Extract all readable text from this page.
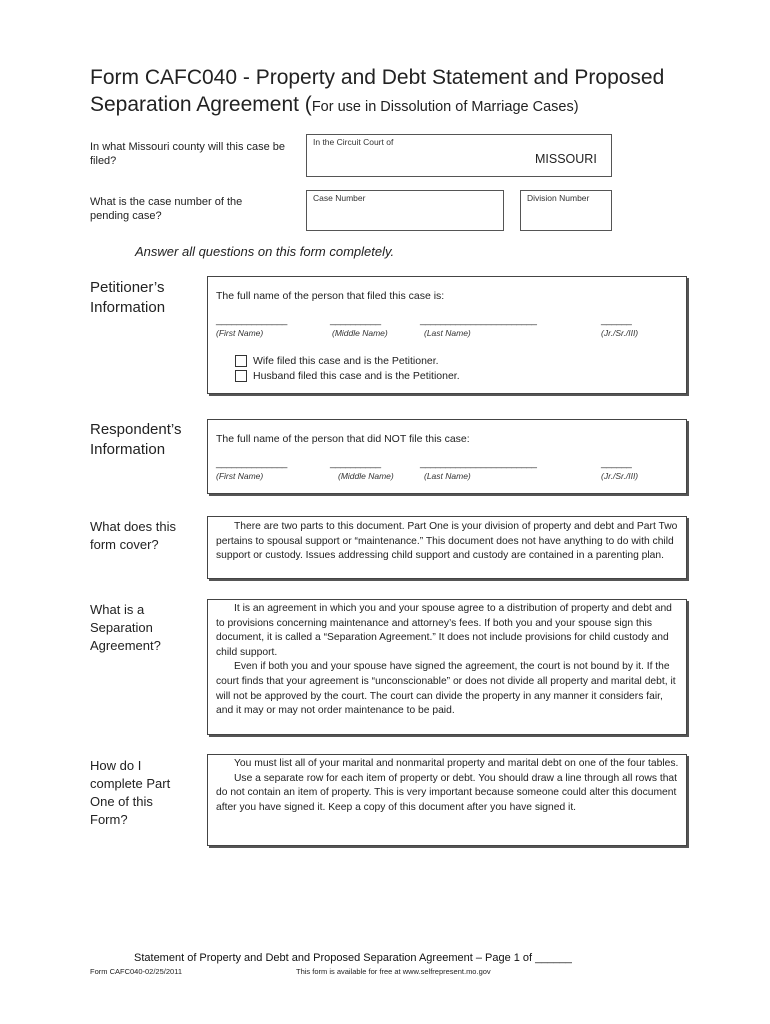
Form CAFC040 - Property and Debt Statement and Proposed
Separation Agreement (For use in Dissolution of Marriage Cases)
In what Missouri county will this case be filed?
In the Circuit Court of
MISSOURI
What is the case number of the pending case?
Case Number	Division Number
Answer all questions on this form completely.
Petitioner’s
Information
The full name of the person that filed this case is:
______________	__________	_______________________	______
(First Name)	(Middle Name)	(Last Name)	(Jr./Sr./III)
Wife filed this case and is the Petitioner.
Husband filed this case and is the Petitioner.
Respondent’s
Information
The full name of the person that did NOT file this case:
______________	__________	_______________________	______
(First Name)	(Middle Name)	(Last Name)	(Jr./Sr./III)
What does this
form cover?

There are two parts to this document. Part One is your division of property and debt and Part Two pertains to spousal support or “maintenance.” This document does not have anything to do with child support or custody. Issues addressing child support and custody are contained in a parenting plan.

What is a
Separation
Agreement?

It is an agreement in which you and your spouse agree to a distribution of property and debt and to provisions concerning maintenance and attorney’s fees. If both you and your spouse sign this document, it is called a “Separation Agreement.” It does not include provisions for child custody and child support.

Even if both you and your spouse have signed the agreement, the court is not bound by it. If the court finds that your agreement is “unconscionable” or does not divide all property and marital debt, it will not be approved by the court. The court can divide the property in any manner it considers fair, and it may or may not order maintenance to be paid.

How do I
complete Part
One of this
Form?

You must list all of your marital and nonmarital property and marital debt on one of the four tables.

Use a separate row for each item of property or debt. You should draw a line through all rows that do not contain an item of property. This is very important because someone could alter this document after you have signed it. Keep a copy of this document after you have signed it.

Statement of Property and Debt and Proposed Separation Agreement – Page 1 of ______
Form CAFC040-02/25/2011	This form is available for free at www.selfrepresent.mo.gov
